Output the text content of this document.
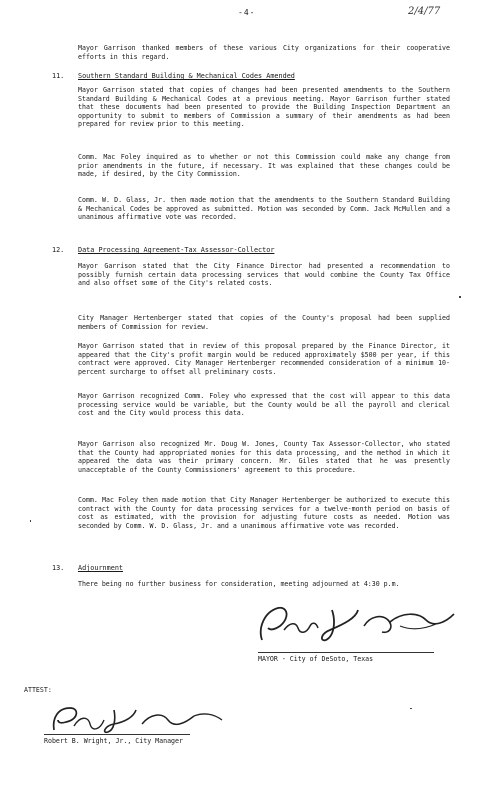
-4-	2/4/77
Mayor Garrison thanked members of these various City organizations for their cooperative efforts in this regard.
11. Southern Standard Building & Mechanical Codes Amended
Mayor Garrison stated that copies of changes had been presented amendments to the Southern Standard Building & Mechanical Codes at a previous meeting. Mayor Garrison further stated that these documents had been presented to provide the Building Inspection Department an opportunity to submit to members of Commission a summary of their amendments as had been prepared for review prior to this meeting.
Comm. Mac Foley inquired as to whether or not this Commission could make any change from prior amendments in the future, if necessary. It was explained that these changes could be made, if desired, by the City Commission.
Comm. W. D. Glass, Jr. then made motion that the amendments to the Southern Standard Building & Mechanical Codes be approved as submitted. Motion was seconded by Comm. Jack McMullen and a unanimous affirmative vote was recorded.
12. Data Processing Agreement-Tax Assessor-Collector
Mayor Garrison stated that the City Finance Director had presented a recommendation to possibly furnish certain data processing services that would combine the County Tax Office and also offset some of the City's related costs.
City Manager Hertenberger stated that copies of the County's proposal had been supplied members of Commission for review.
Mayor Garrison stated that in review of this proposal prepared by the Finance Director, it appeared that the City's profit margin would be reduced approximately $500 per year, if this contract were approved. City Manager Hertenberger recommended consideration of a minimum 10-percent surcharge to offset all preliminary costs.
Mayor Garrison recognized Comm. Foley who expressed that the cost will appear to this data processing service would be variable, but the County would be all the payroll and clerical cost and the City would process this data.
Mayor Garrison also recognized Mr. Doug W. Jones, County Tax Assessor-Collector, who stated that the County had appropriated monies for this data processing, and the method in which it appeared the data was their primary concern. Mr. Giles stated that he was presently unacceptable of the County Commissioners' agreement to this procedure.
Comm. Mac Foley then made motion that City Manager Hertenberger be authorized to execute this contract with the County for data processing services for a twelve-month period on basis of cost as estimated, with the provision for adjusting future costs as needed. Motion was seconded by Comm. W. D. Glass, Jr. and a unanimous affirmative vote was recorded.
13. Adjournment
There being no further business for consideration, meeting adjourned at 4:30 p.m.
MAYOR - City of DeSoto, Texas
ATTEST:
Robert B. Wright, Jr., City Manager
